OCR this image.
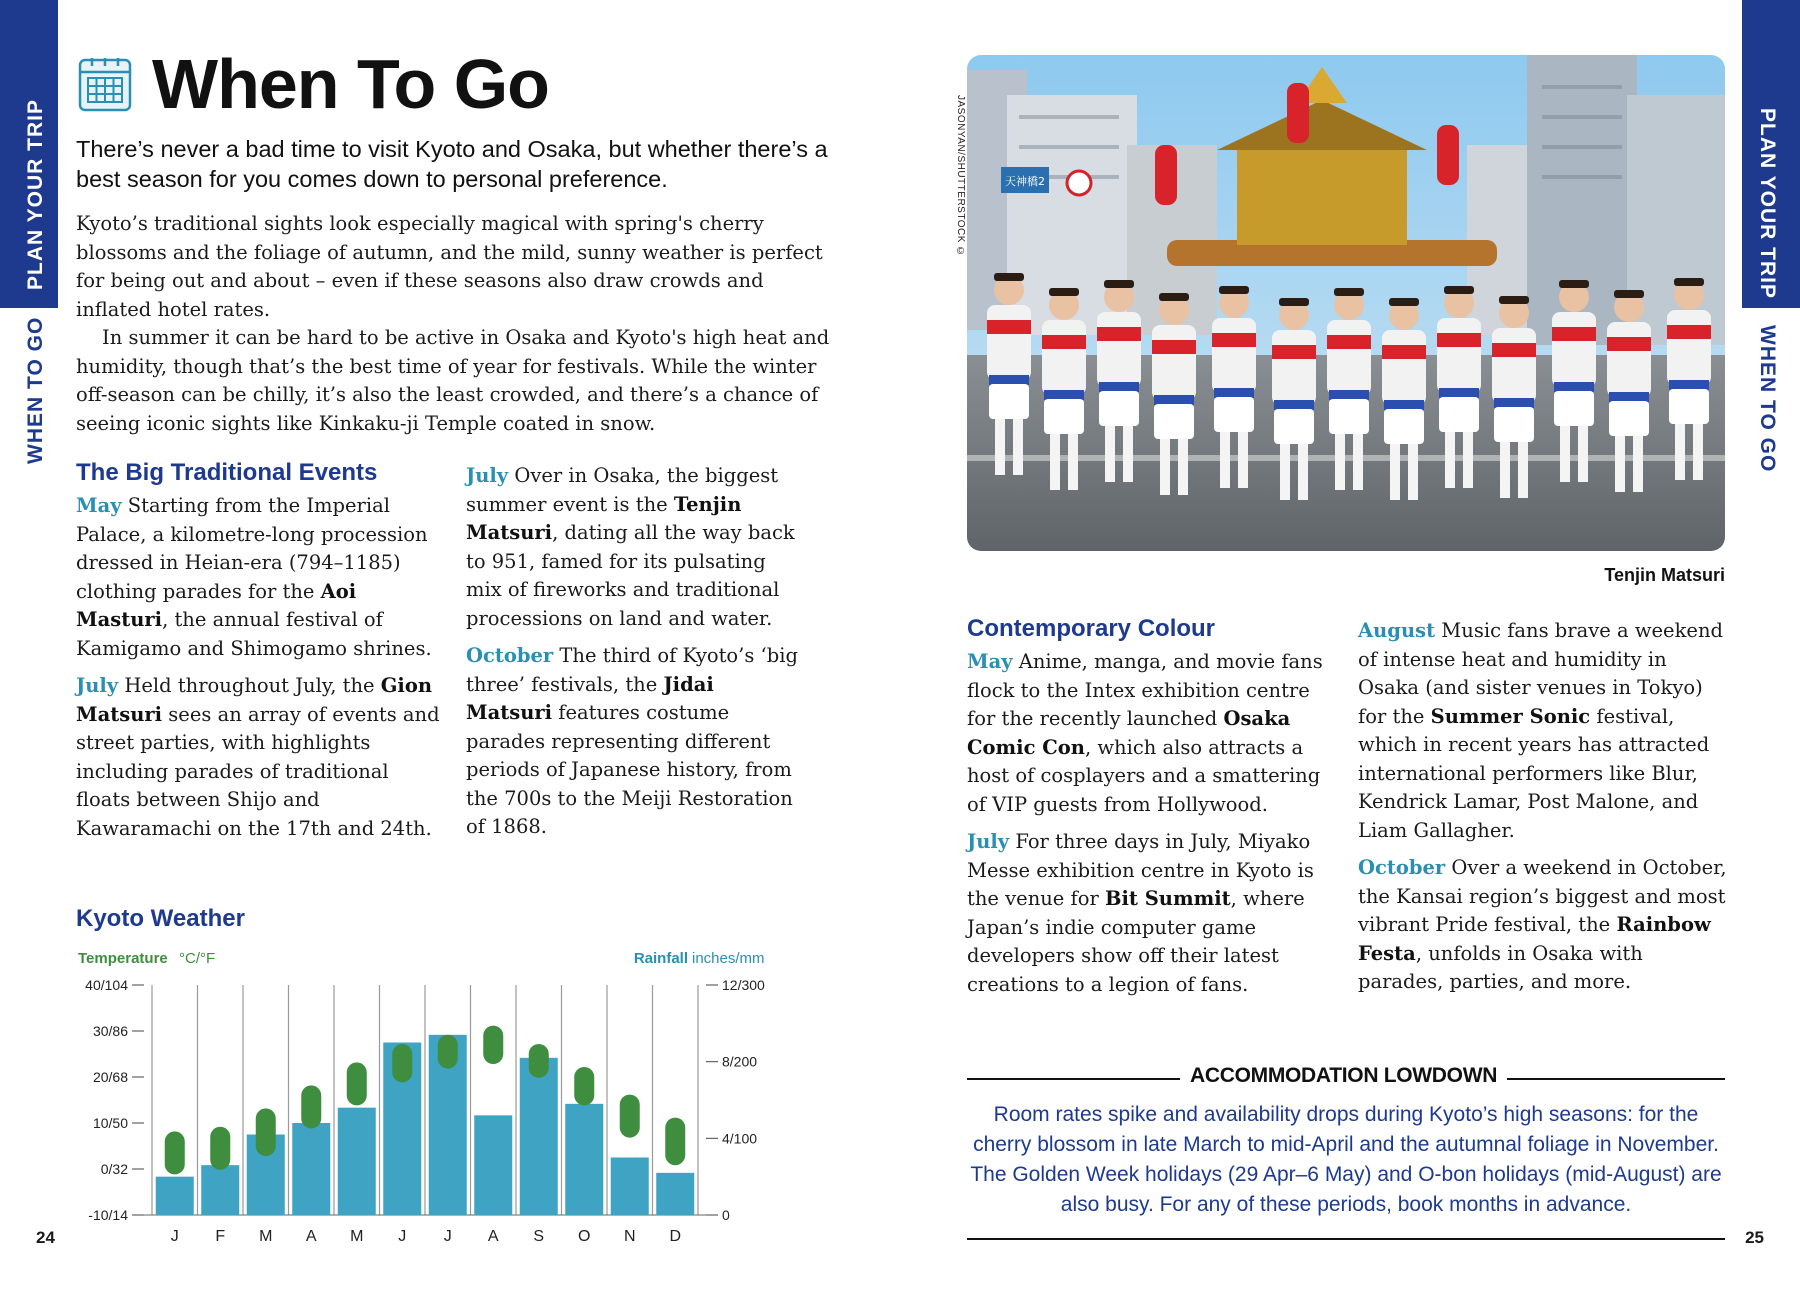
PLAN YOUR TRIP
WHEN TO GO
PLAN YOUR TRIP
WHEN TO GO
When To Go

There’s never a bad time to visit Kyoto and Osaka, but whether there’s a best season for you comes down to personal preference.

Kyoto’s traditional sights look especially magical with spring's cherry blossoms and the foliage of autumn, and the mild, sunny weather is perfect for being out and about – even if these seasons also draw crowds and inflated hotel rates.

In summer it can be hard to be active in Osaka and Kyoto's high heat and humidity, though that’s the best time of year for festivals. While the winter off-season can be chilly, it’s also the least crowded, and there’s a chance of seeing iconic sights like Kinkaku-ji Temple coated in snow.

The Big Traditional Events
May Starting from the Imperial Palace, a kilometre-long procession dressed in Heian-era (794–1185) clothing parades for the Aoi Masturi, the annual festival of Kamigamo and Shimogamo shrines.
July Held throughout July, the Gion Matsuri sees an array of events and street parties, with highlights including parades of traditional floats between Shijo and Kawaramachi on the 17th and 24th.
July Over in Osaka, the biggest summer event is the Tenjin Matsuri, dating all the way back to 951, famed for its pulsating mix of fireworks and traditional processions on land and water.
October The third of Kyoto’s ‘big three’ festivals, the Jidai Matsuri features costume parades representing different periods of Japanese history, from the 700s to the Meiji Restoration of 1868.
Kyoto Weather
Temperature °C/°F	Rainfall inches/mm
J F M A M J J A S O N D
40/104
30/86
20/68
10/50
0/32
-10/14
12/300
8/200
4/100
0
24	25
JASONYAN/SHUTTERSTOCK ©	天神橋2
Tenjin Matsuri
Contemporary Colour
May Anime, manga, and movie fans flock to the Intex exhibition centre for the recently launched Osaka Comic Con, which also attracts a host of cosplayers and a smattering of VIP guests from Hollywood.
July For three days in July, Miyako Messe exhibition centre in Kyoto is the venue for Bit Summit, where Japan’s indie computer game developers show off their latest creations to a legion of fans.
August Music fans brave a weekend of intense heat and humidity in Osaka (and sister venues in Tokyo) for the Summer Sonic festival, which in recent years has attracted international performers like Blur, Kendrick Lamar, Post Malone, and Liam Gallagher.
October Over a weekend in October, the Kansai region’s biggest and most vibrant Pride festival, the Rainbow Festa, unfolds in Osaka with parades, parties, and more.
ACCOMMODATION LOWDOWN

Room rates spike and availability drops during Kyoto’s high seasons: for the cherry blossom in late March to mid-April and the autumnal foliage in November. The Golden Week holidays (29 Apr–6 May) and O-bon holidays (mid-August) are also busy. For any of these periods, book months in advance.
